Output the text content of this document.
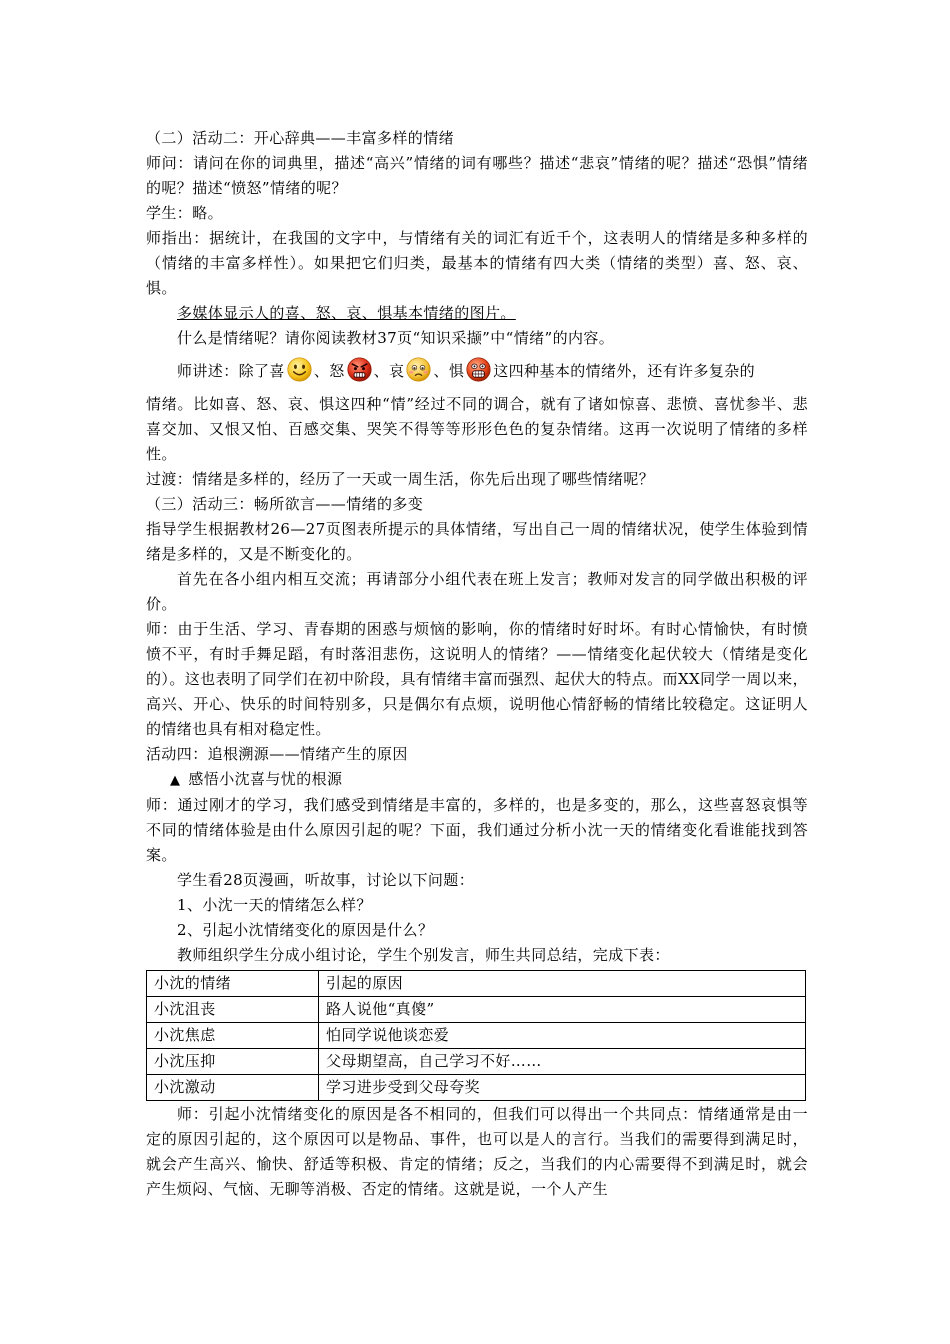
（二）活动二：开心辞典——丰富多样的情绪

师问：请问在你的词典里，描述“高兴”情绪的词有哪些？描述“悲哀”情绪的呢？描述“恐惧”情绪的呢？描述“愤怒”情绪的呢？

学生：略。

师指出：据统计，在我国的文字中，与情绪有关的词汇有近千个，这表明人的情绪是多种多样的（情绪的丰富多样性）。如果把它们归类，最基本的情绪有四大类（情绪的类型）喜、怒、哀、惧。

多媒体显示人的喜、怒、哀、惧基本情绪的图片。

什么是情绪呢？请你阅读教材37页“知识采撷”中“情绪”的内容。

师讲述：除了喜 、怒 、哀 、惧 这四种基本的情绪外，还有许多复杂的

情绪。比如喜、怒、哀、惧这四种“情”经过不同的调合，就有了诸如惊喜、悲愤、喜忧参半、悲喜交加、又恨又怕、百感交集、哭笑不得等等形形色色的复杂情绪。这再一次说明了情绪的多样性。

过渡：情绪是多样的，经历了一天或一周生活，你先后出现了哪些情绪呢？

（三）活动三：畅所欲言——情绪的多变

指导学生根据教材26—27页图表所提示的具体情绪，写出自己一周的情绪状况，使学生体验到情绪是多样的，又是不断变化的。

首先在各小组内相互交流；再请部分小组代表在班上发言；教师对发言的同学做出积极的评价。

师：由于生活、学习、青春期的困惑与烦恼的影响，你的情绪时好时坏。有时心情愉快，有时愤愤不平，有时手舞足蹈，有时落泪悲伤，这说明人的情绪？——情绪变化起伏较大（情绪是变化的）。这也表明了同学们在初中阶段，具有情绪丰富而强烈、起伏大的特点。而XX同学一周以来，高兴、开心、快乐的时间特别多，只是偶尔有点烦，说明他心情舒畅的情绪比较稳定。这证明人的情绪也具有相对稳定性。

活动四：追根溯源——情绪产生的原因

▲ 感悟小沈喜与忧的根源

师：通过刚才的学习，我们感受到情绪是丰富的，多样的，也是多变的，那么，这些喜怒哀惧等不同的情绪体验是由什么原因引起的呢？下面，我们通过分析小沈一天的情绪变化看谁能找到答案。

学生看28页漫画，听故事，讨论以下问题：

1、小沈一天的情绪怎么样？

2、引起小沈情绪变化的原因是什么？

教师组织学生分成小组讨论，学生个别发言，师生共同总结，完成下表：

小沈的情绪	引起的原因
小沈沮丧	路人说他“真傻”
小沈焦虑	怕同学说他谈恋爱
小沈压抑	父母期望高，自己学习不好……
小沈激动	学习进步受到父母夸奖

师：引起小沈情绪变化的原因是各不相同的，但我们可以得出一个共同点：情绪通常是由一定的原因引起的，这个原因可以是物品、事件，也可以是人的言行。当我们的需要得到满足时，就会产生高兴、愉快、舒适等积极、肯定的情绪；反之，当我们的内心需要得不到满足时，就会产生烦闷、气恼、无聊等消极、否定的情绪。这就是说，一个人产生
